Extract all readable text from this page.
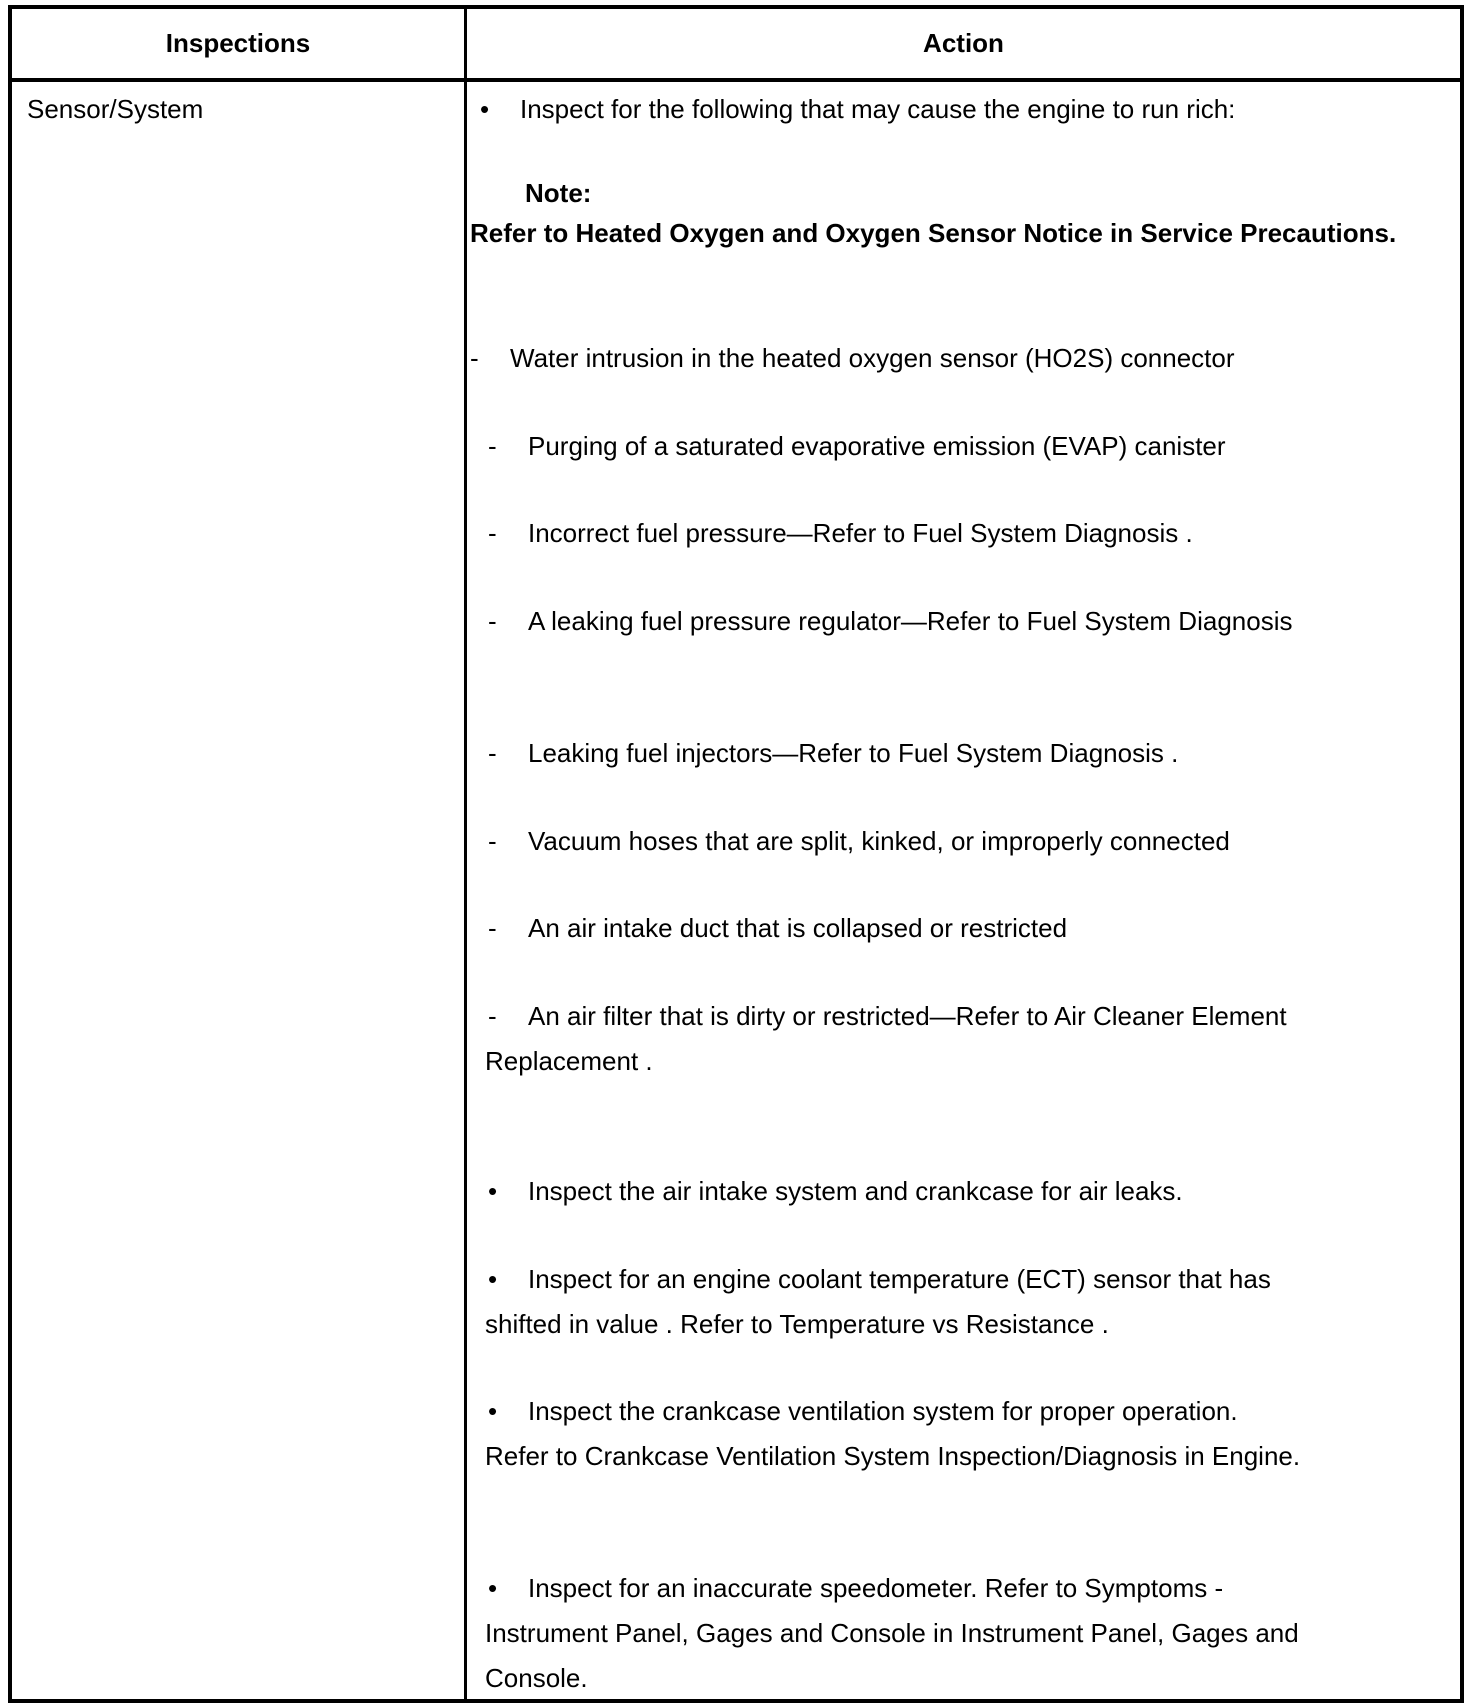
Inspections	Action
Sensor/System	• Inspect for the following that may cause the engine to run rich:
Note:
Refer to Heated Oxygen and Oxygen Sensor Notice in Service Precautions.
- Water intrusion in the heated oxygen sensor (HO2S) connector
- Purging of a saturated evaporative emission (EVAP) canister
- Incorrect fuel pressure—Refer to Fuel System Diagnosis .
- A leaking fuel pressure regulator—Refer to Fuel System Diagnosis
- Leaking fuel injectors—Refer to Fuel System Diagnosis .
- Vacuum hoses that are split, kinked, or improperly connected
- An air intake duct that is collapsed or restricted
- An air filter that is dirty or restricted—Refer to Air Cleaner Element
Replacement .
• Inspect the air intake system and crankcase for air leaks.
• Inspect for an engine coolant temperature (ECT) sensor that has
shifted in value . Refer to Temperature vs Resistance .
• Inspect the crankcase ventilation system for proper operation.
Refer to Crankcase Ventilation System Inspection/Diagnosis in Engine.
• Inspect for an inaccurate speedometer. Refer to Symptoms -
Instrument Panel, Gages and Console in Instrument Panel, Gages and
Console.
